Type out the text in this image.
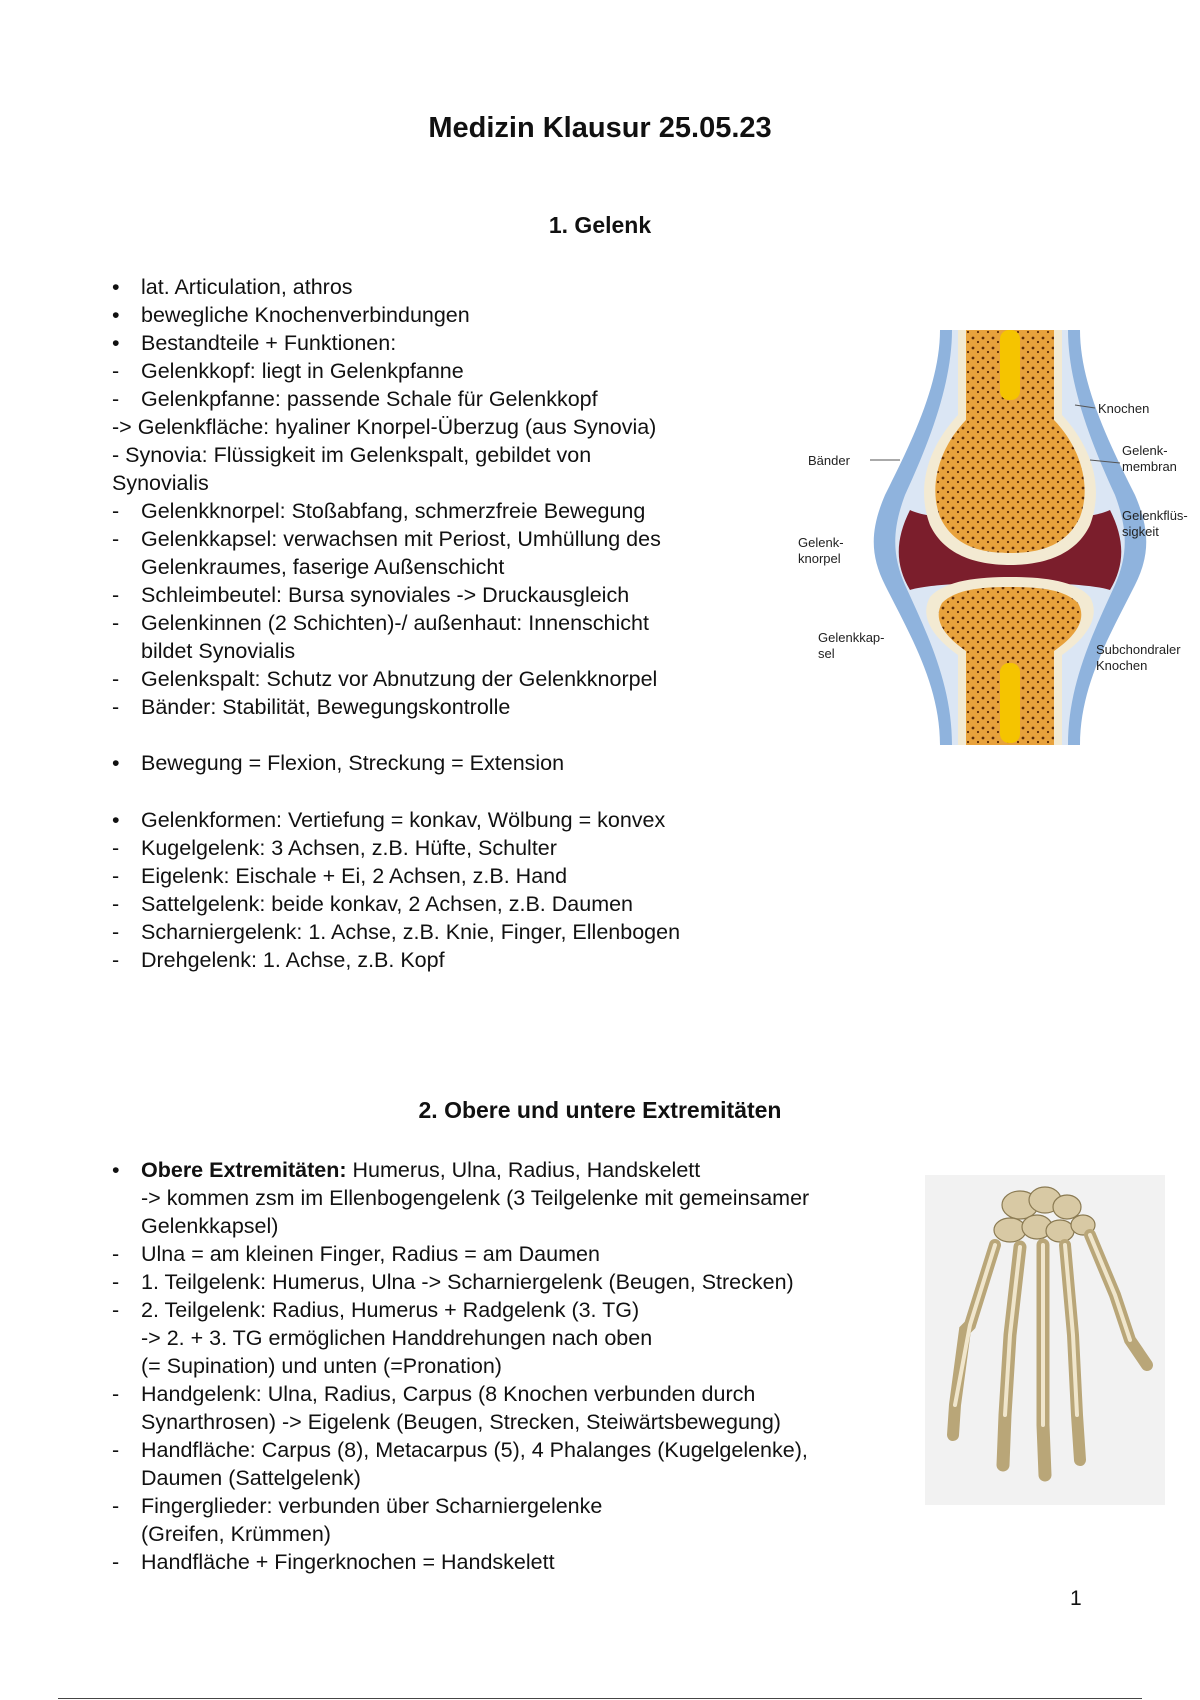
Medizin Klausur 25.05.23
1. Gelenk
• lat. Articulation, athros
• bewegliche Knochenverbindungen
• Bestandteile + Funktionen:
- Gelenkkopf: liegt in Gelenkpfanne
- Gelenkpfanne: passende Schale für Gelenkkopf
-> Gelenkfläche: hyaliner Knorpel-Überzug (aus Synovia)
- Synovia: Flüssigkeit im Gelenkspalt, gebildet von
Synovialis
- Gelenkknorpel: Stoßabfang, schmerzfreie Bewegung
- Gelenkkapsel: verwachsen mit Periost, Umhüllung des
Gelenkraumes, faserige Außenschicht
- Schleimbeutel: Bursa synoviales -> Druckausgleich
- Gelenkinnen (2 Schichten)-/ außenhaut: Innenschicht
bildet Synovialis
- Gelenkspalt: Schutz vor Abnutzung der Gelenkknorpel
- Bänder: Stabilität, Bewegungskontrolle
• Bewegung = Flexion, Streckung = Extension
• Gelenkformen: Vertiefung = konkav, Wölbung = konvex
- Kugelgelenk: 3 Achsen, z.B. Hüfte, Schulter
- Eigelenk: Eischale + Ei, 2 Achsen, z.B. Hand
- Sattelgelenk: beide konkav, 2 Achsen, z.B. Daumen
- Scharniergelenk: 1. Achse, z.B. Knie, Finger, Ellenbogen
- Drehgelenk: 1. Achse, z.B. Kopf
Knochen
Bänder
Gelenk-
membran
Gelenkflüs-
sigkeit
Gelenk-
knorpel
Gelenkkap-
sel	Subchondraler
Knochen
2. Obere und untere Extremitäten
• Obere Extremitäten: Humerus, Ulna, Radius, Handskelett
-> kommen zsm im Ellenbogengelenk (3 Teilgelenke mit gemeinsamer
Gelenkkapsel)
- Ulna = am kleinen Finger, Radius = am Daumen
- 1. Teilgelenk: Humerus, Ulna -> Scharniergelenk (Beugen, Strecken)
- 2. Teilgelenk: Radius, Humerus + Radgelenk (3. TG)
-> 2. + 3. TG ermöglichen Handdrehungen nach oben
(= Supination) und unten (=Pronation)
- Handgelenk: Ulna, Radius, Carpus (8 Knochen verbunden durch
Synarthrosen) -> Eigelenk (Beugen, Strecken, Steiwärtsbewegung)
- Handfläche: Carpus (8), Metacarpus (5), 4 Phalanges (Kugelgelenke),
Daumen (Sattelgelenk)
- Fingerglieder: verbunden über Scharniergelenke
(Greifen, Krümmen)
- Handfläche + Fingerknochen = Handskelett
1
